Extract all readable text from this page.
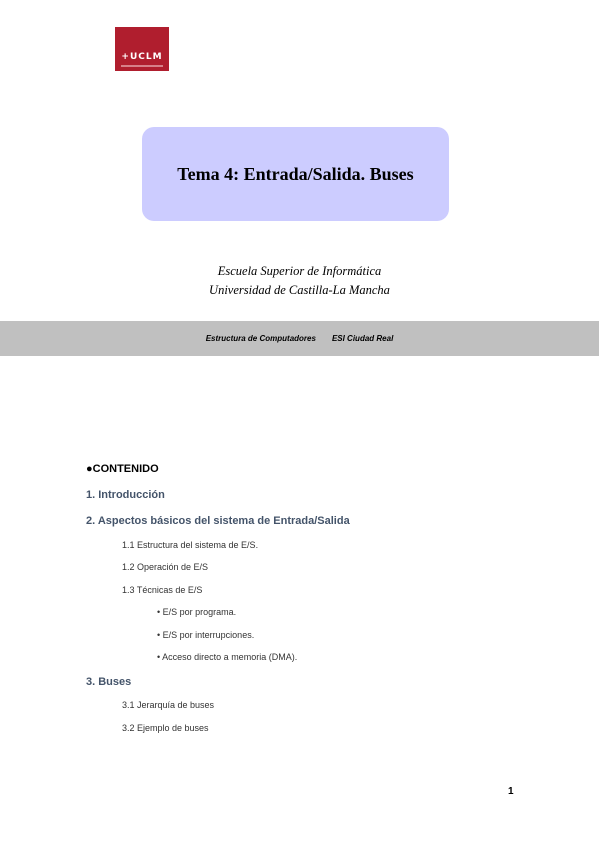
+UCLM
Tema 4: Entrada/Salida. Buses
Escuela Superior de Informática
Universidad de Castilla-La Mancha
Estructura de Computadores ESI Ciudad Real
●CONTENIDO
1. Introducción
2. Aspectos básicos del sistema de Entrada/Salida
1.1 Estructura del sistema de E/S.
1.2 Operación de E/S
1.3 Técnicas de E/S
• E/S por programa.
• E/S por interrupciones.
• Acceso directo a memoria (DMA).
3. Buses
3.1 Jerarquía de buses
3.2 Ejemplo de buses
1
